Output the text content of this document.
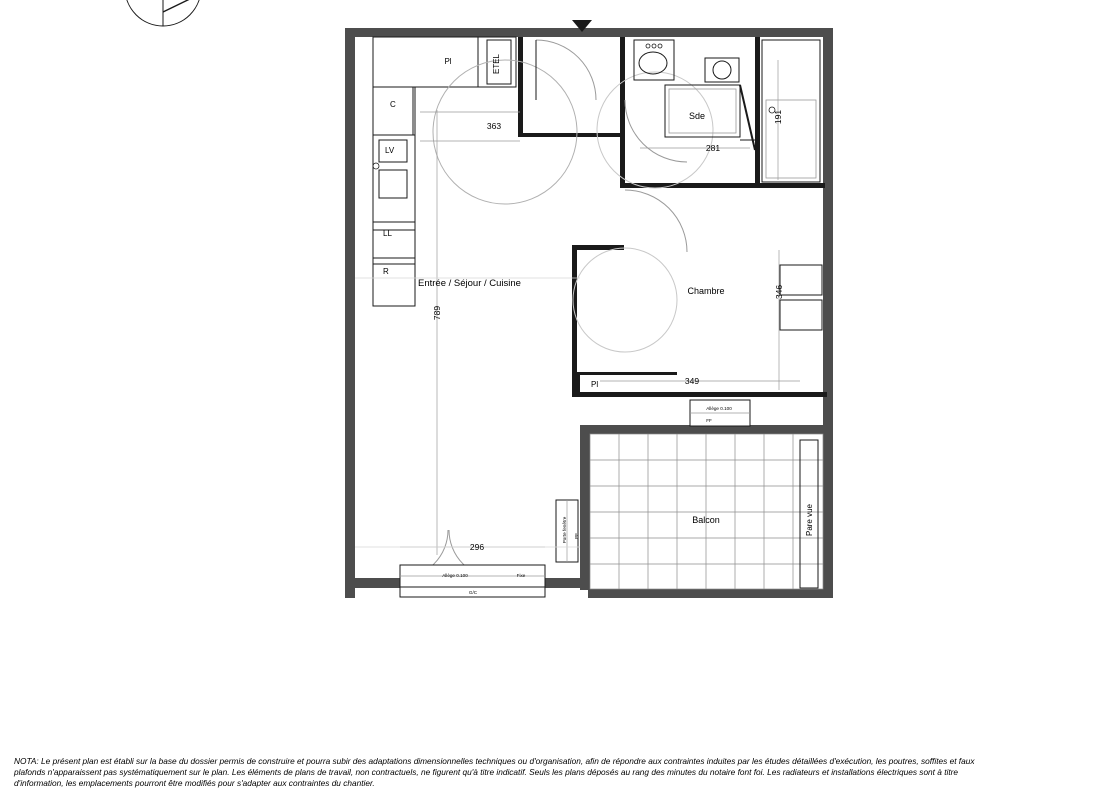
Entrée / Séjour / Cuisine
Sde
Chambre
Balcon
Pl	ETEL
C
LV
LL
R
Pl
Pare vue
363
281
191
789
346
349
296
Allège 0.100
FF
Allège 0.100	Fixe
G/C
Porte fenêtre PF

NOTA: Le présent plan est établi sur la base du dossier permis de construire et pourra subir des adaptations dimensionnelles techniques ou d'organisation, afin de répondre aux contraintes induites par les études détaillées d'exécution, les poutres, soffites et faux

plafonds n'apparaissent pas systématiquement sur le plan. Les éléments de plans de travail, non contractuels, ne figurent qu'à titre indicatif. Seuls les plans déposés au rang des minutes du notaire font foi. Les radiateurs et installations électriques sont à titre

d'information, les emplacements pourront être modifiés pour s'adapter aux contraintes du chantier.
